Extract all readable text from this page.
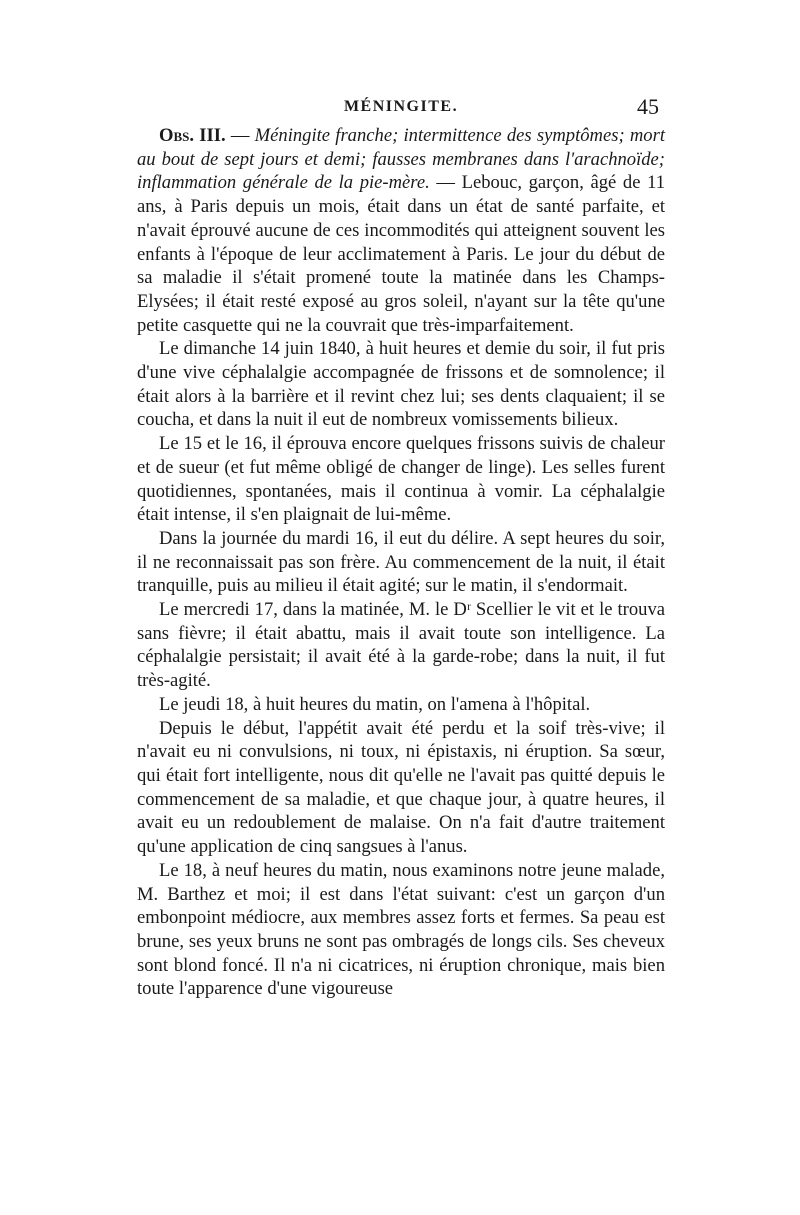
MÉNINGITE.	45

Obs. III. — Méningite franche; intermittence des symptômes; mort au bout de sept jours et demi; fausses membranes dans l'arachnoïde; inflammation générale de la pie-mère. — Lebouc, garçon, âgé de 11 ans, à Paris depuis un mois, était dans un état de santé parfaite, et n'avait éprouvé aucune de ces incommodités qui atteignent souvent les enfants à l'époque de leur acclimatement à Paris. Le jour du début de sa maladie il s'était promené toute la matinée dans les Champs-Elysées; il était resté exposé au gros soleil, n'ayant sur la tête qu'une petite casquette qui ne la couvrait que très-imparfaitement.

Le dimanche 14 juin 1840, à huit heures et demie du soir, il fut pris d'une vive céphalalgie accompagnée de frissons et de somnolence; il était alors à la barrière et il revint chez lui; ses dents claquaient; il se coucha, et dans la nuit il eut de nombreux vomissements bilieux.

Le 15 et le 16, il éprouva encore quelques frissons suivis de chaleur et de sueur (et fut même obligé de changer de linge). Les selles furent quotidiennes, spontanées, mais il continua à vomir. La céphalalgie était intense, il s'en plaignait de lui-même.

Dans la journée du mardi 16, il eut du délire. A sept heures du soir, il ne reconnaissait pas son frère. Au commencement de la nuit, il était tranquille, puis au milieu il était agité; sur le matin, il s'endormait.

Le mercredi 17, dans la matinée, M. le Dʳ Scellier le vit et le trouva sans fièvre; il était abattu, mais il avait toute son intelligence. La céphalalgie persistait; il avait été à la garde-robe; dans la nuit, il fut très-agité.

Le jeudi 18, à huit heures du matin, on l'amena à l'hôpital.

Depuis le début, l'appétit avait été perdu et la soif très-vive; il n'avait eu ni convulsions, ni toux, ni épistaxis, ni éruption. Sa sœur, qui était fort intelligente, nous dit qu'elle ne l'avait pas quitté depuis le commencement de sa maladie, et que chaque jour, à quatre heures, il avait eu un redoublement de malaise. On n'a fait d'autre traitement qu'une application de cinq sangsues à l'anus.

Le 18, à neuf heures du matin, nous examinons notre jeune malade, M. Barthez et moi; il est dans l'état suivant: c'est un garçon d'un embonpoint médiocre, aux membres assez forts et fermes. Sa peau est brune, ses yeux bruns ne sont pas ombragés de longs cils. Ses cheveux sont blond foncé. Il n'a ni cicatrices, ni éruption chronique, mais bien toute l'apparence d'une vigoureuse
